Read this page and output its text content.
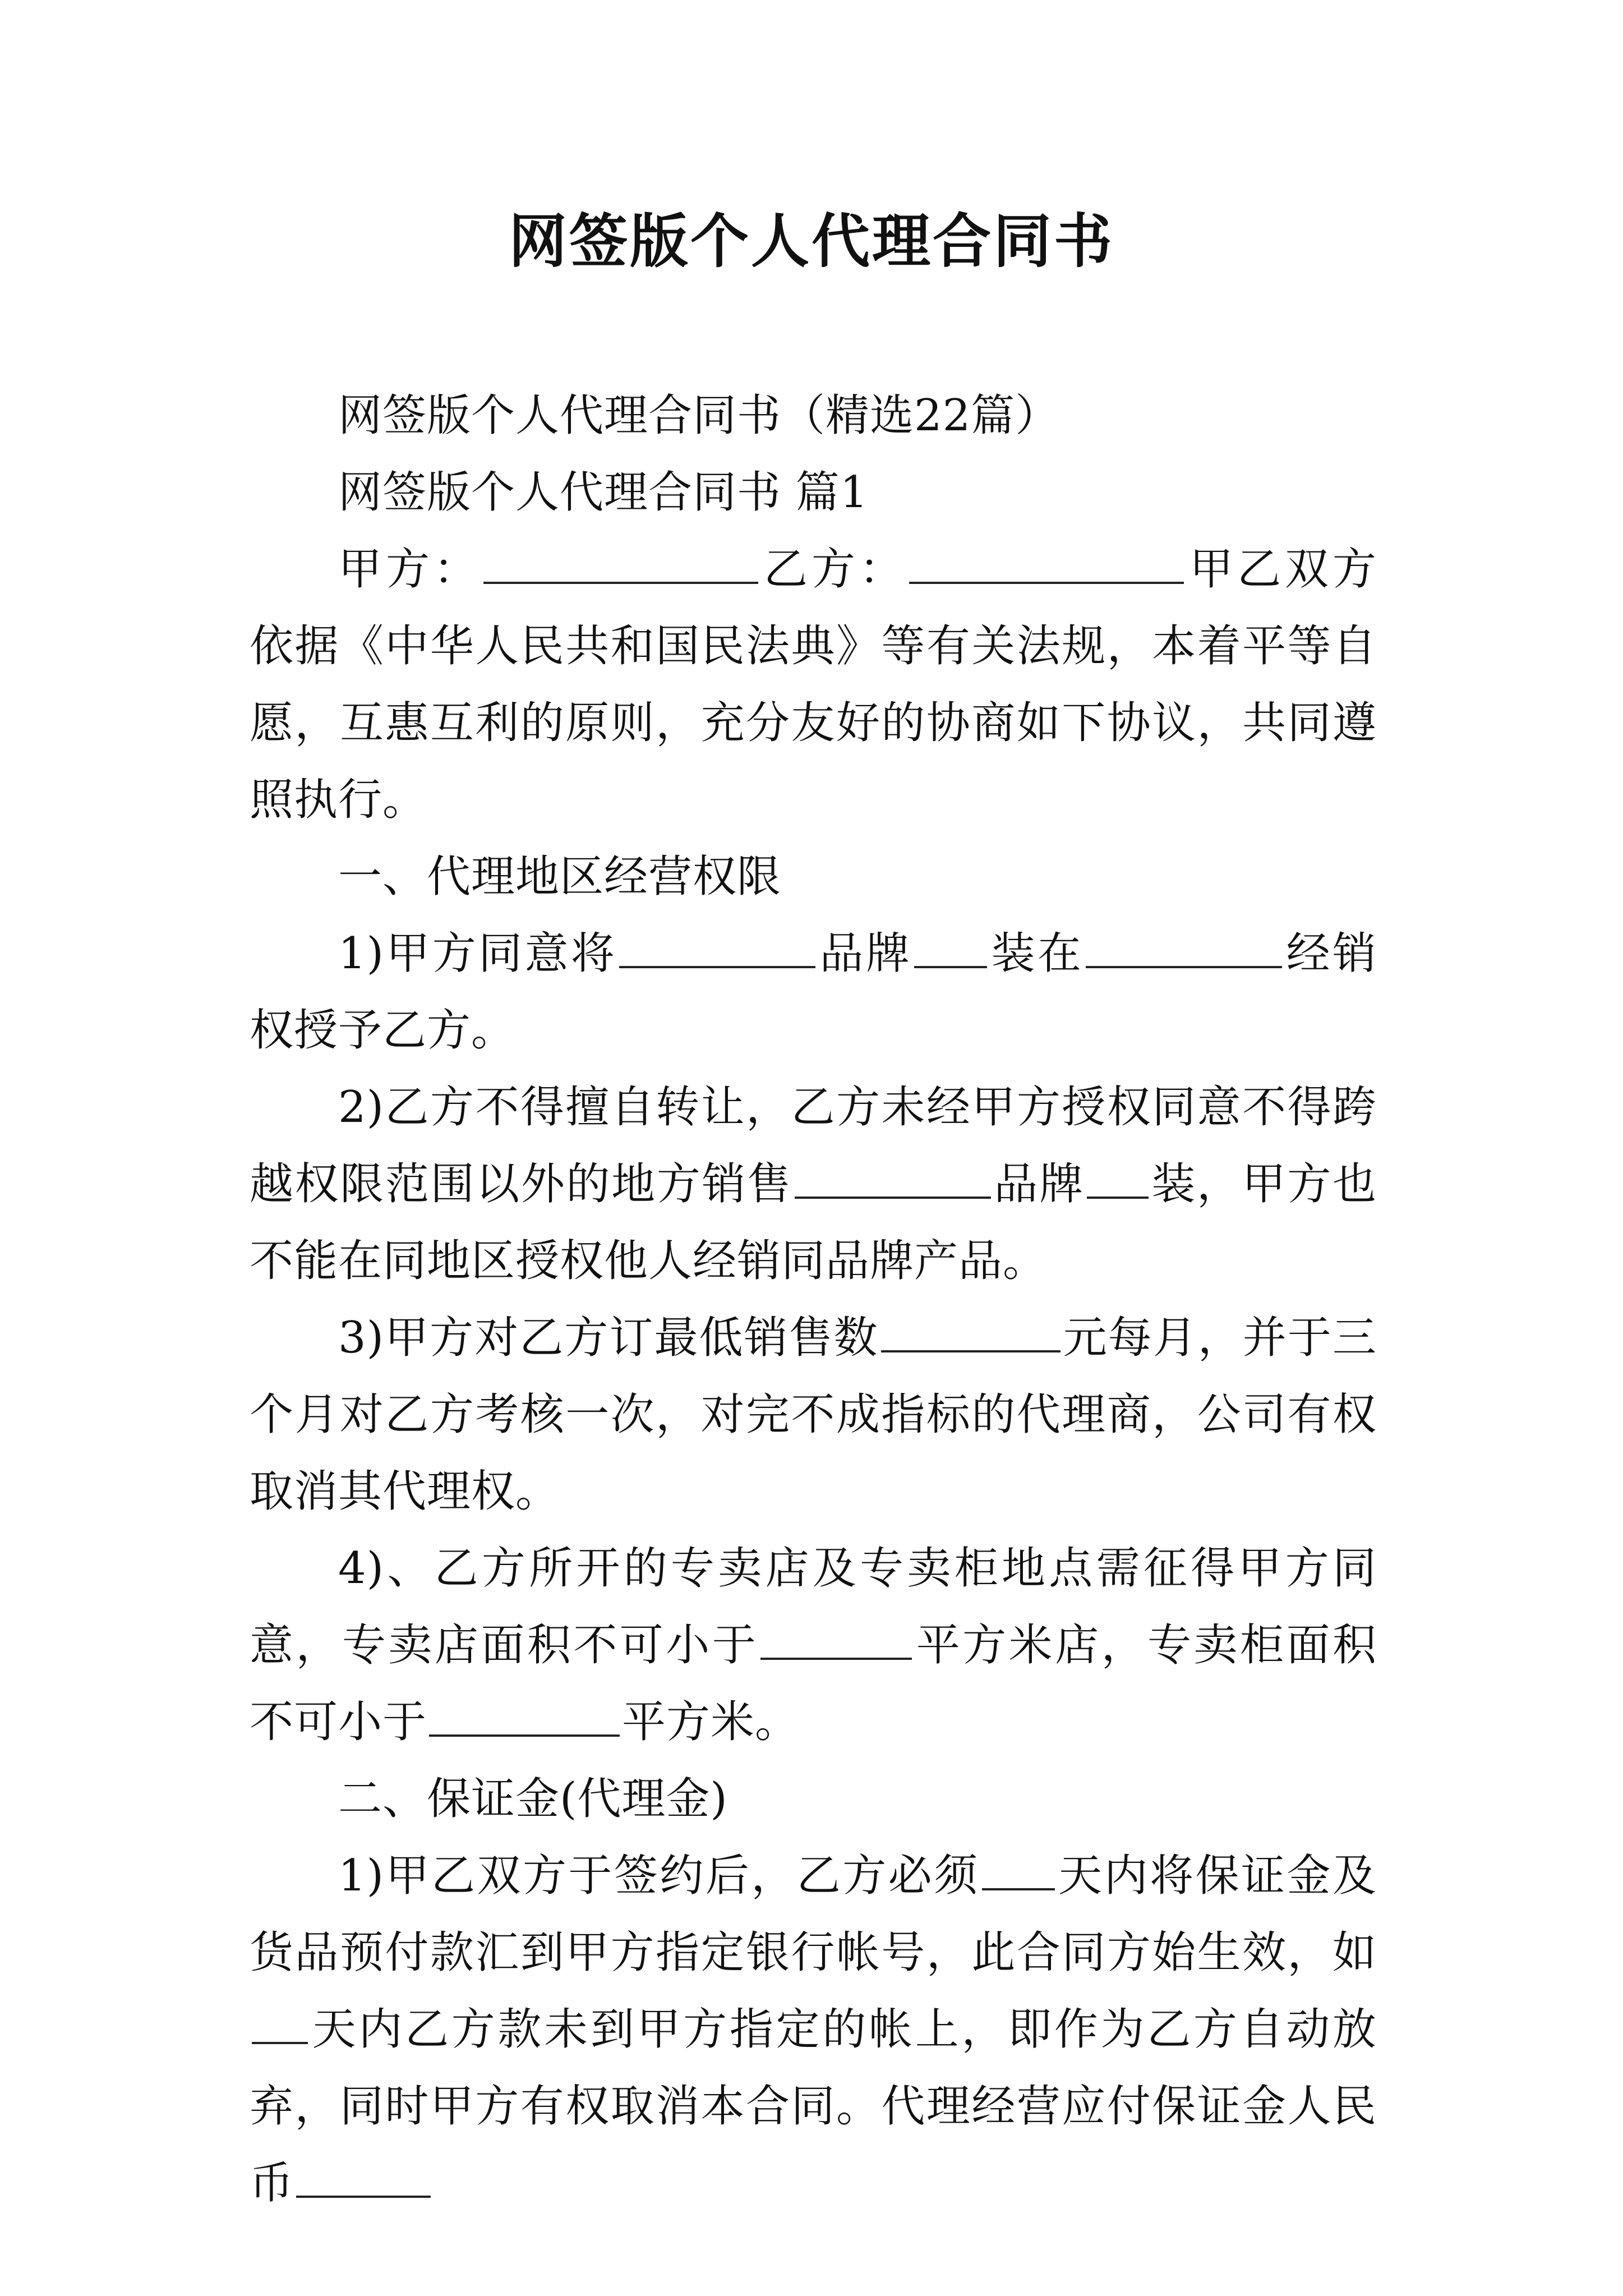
网签版个人代理合同书

网签版个人代理合同书（精选22篇）

网签版个人代理合同书 篇1

甲方：	乙方：	甲乙双方依据《中华人民共和国民法典》等有关法规，本着平等自愿，互惠互利的原则，充分友好的协商如下协议，共同遵照执行。

一、代理地区经营权限

1)甲方同意将	品牌 装在	经销权授予乙方。

2)乙方不得擅自转让，乙方未经甲方授权同意不得跨越权限范围以外的地方销售	品牌 装，甲方也不能在同地区授权他人经销同品牌产品。

3)甲方对乙方订最低销售数	元每月，并于三个月对乙方考核一次，对完不成指标的代理商，公司有权取消其代理权。

4)、乙方所开的专卖店及专卖柜地点需征得甲方同意，专卖店面积不可小于	平方米店，专卖柜面积不可小于	平方米。

二、保证金(代理金)

1)甲乙双方于签约后，乙方必须 天内将保证金及货品预付款汇到甲方指定银行帐号，此合同方始生效，如天内乙方款未到甲方指定的帐上，即作为乙方自动放弃，同时甲方有权取消本合同。代理经营应付保证金人民币
